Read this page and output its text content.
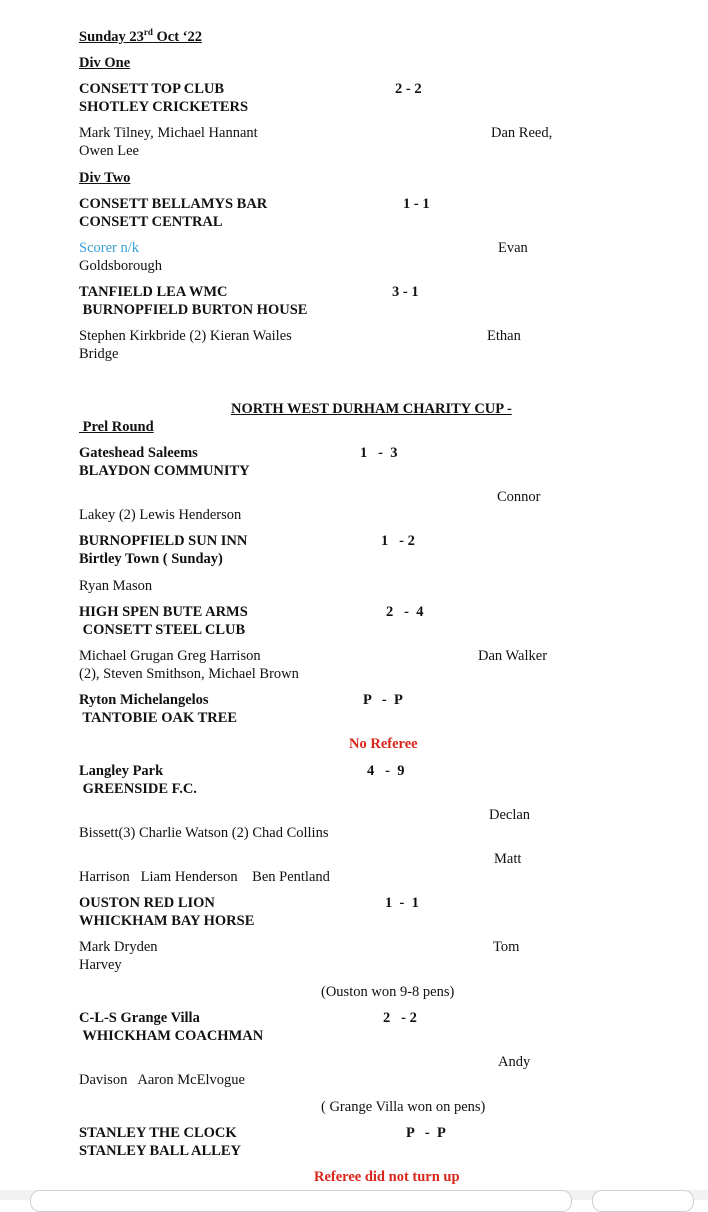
Sunday 23rd Oct ‘22
Div One
CONSETT TOP CLUB	2 - 2
SHOTLEY CRICKETERS
Mark Tilney, Michael Hannant	Dan Reed,
Owen Lee
Div Two
CONSETT BELLAMYS BAR	1 - 1
CONSETT CENTRAL
Scorer n/k	Evan
Goldsborough
TANFIELD LEA WMC	3 - 1
BURNOPFIELD BURTON HOUSE
Stephen Kirkbride (2) Kieran Wailes	Ethan
Bridge
NORTH WEST DURHAM CHARITY CUP -
Prel Round
Gateshead Saleems	1   -  3
BLAYDON COMMUNITY
Connor
Lakey (2) Lewis Henderson
BURNOPFIELD SUN INN	1   - 2
Birtley Town ( Sunday)
Ryan Mason
HIGH SPEN BUTE ARMS	2   -  4
CONSETT STEEL CLUB
Michael Grugan Greg Harrison	Dan Walker
(2), Steven Smithson, Michael Brown
Ryton Michelangelos	P   -  P
TANTOBIE OAK TREE
No Referee
Langley Park	4   -  9
GREENSIDE F.C.
Declan
Bissett(3) Charlie Watson (2) Chad Collins
Matt
Harrison   Liam Henderson    Ben Pentland
OUSTON RED LION	1  -  1
WHICKHAM BAY HORSE
Mark Dryden	Tom
Harvey
(Ouston won 9-8 pens)
C-L-S Grange Villa	2   - 2
WHICKHAM COACHMAN
Andy
Davison   Aaron McElvogue
( Grange Villa won on pens)
STANLEY THE CLOCK	P   -  P
STANLEY BALL ALLEY
Referee did not turn up
